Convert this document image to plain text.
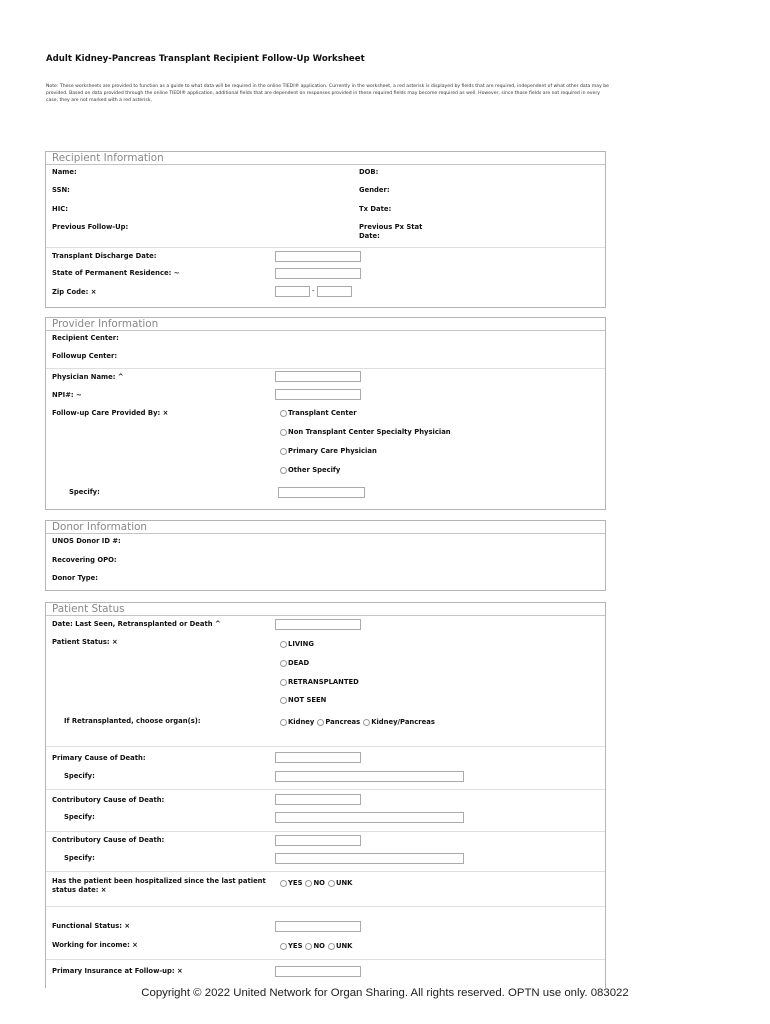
Adult Kidney-Pancreas Transplant Recipient Follow-Up Worksheet
Note: These worksheets are provided to function as a guide to what data will be required in the online TIEDI® application. Currently in the worksheet, a red asterisk is displayed by fields that are required, independent of what other data may be provided. Based on data provided through the online TIEDI® application, additional fields that are dependent on responses provided in these required fields may become required as well. However, since those fields are not required in every case, they are not marked with a red asterisk.
Recipient Information
Name:	DOB:
SSN:	Gender:
HIC:	Tx Date:
Previous Follow-Up:	Previous Px Stat
Date:
Transplant Discharge Date:
State of Permanent Residence: ~
Zip Code: ×	-
Provider Information
Recipient Center:
Followup Center:
Physician Name: ^
NPI#: ~
Follow-up Care Provided By: ×	Transplant Center
Non Transplant Center Specialty Physician
Primary Care Physician
Other Specify
Specify:
Donor Information
UNOS Donor ID #:
Recovering OPO:
Donor Type:
Patient Status
Date: Last Seen, Retransplanted or Death ^
Patient Status: ×	LIVING
DEAD
RETRANSPLANTED
NOT SEEN
If Retransplanted, choose organ(s):	Kidney Pancreas Kidney/Pancreas
Primary Cause of Death:
Specify:
Contributory Cause of Death:
Specify:
Contributory Cause of Death:
Specify:
Has the patient been hospitalized since the last patient
status date: ×
YES NO UNK
Functional Status: ×
Working for income: ×	YES NO UNK
Primary Insurance at Follow-up: ×
Copyright © 2022 United Network for Organ Sharing. All rights reserved. OPTN use only. 083022
